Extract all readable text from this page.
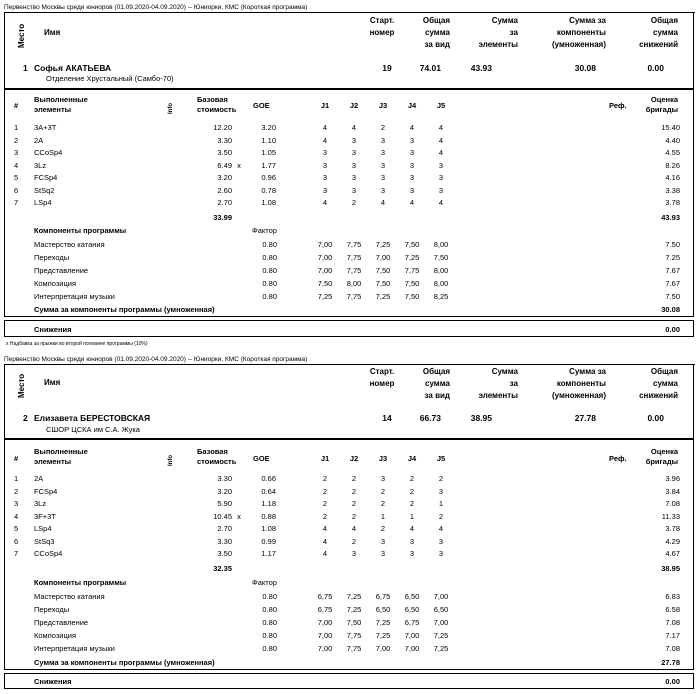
Первенство Москвы среди юниоров (01.09.2020-04.09.2020) -- Юниорки, КМС (Короткая программа)
Место Имя
Старт.
номер
Общая
сумма
за вид
Сумма
за
элементы
Сумма за
компоненты
(умноженная)
Общая
сумма
снижений
1 Софья АКАТЬЕВА
Отделение Хрустальный (Самбо-70)
19	74.01	43.93	30.08	0.00
#
Выполненные
элементы	Info
Базовая
стоимость GOE	J1	J2	J3	J4	J5	Реф.
Оценка
бригады
1	3A+3T	12.20	3.20	4	4	2	4	4	15.40
2	2A	3.30	1.10	4	3	3	3	4	4.40
3	CCoSp4	3.50	1.05	3	3	3	3	4	4.55
4	3Lz	6.49 x	1.77	3	3	3	3	3	8.26
5	FCSp4	3.20	0.96	3	3	3	3	3	4.16
6	StSq2	2.60	0.78	3	3	3	3	3	3.38
7	LSp4	2.70	1.08	4	2	4	4	4	3.78
33.99	43.93
Компоненты программы	Фактор
Мастерство катания	0.80	7,00	7,75	7,25	7,50	8,00	7.50
Переходы	0.80	7,00	7,75	7,00	7,25	7,50	7.25
Представление	0.80	7,00	7,75	7,50	7,75	8,00	7.67
Композиция	0.80	7,50	8,00	7,50	7,50	8,00	7.67
Интерпретация музыки	0.80	7,25	7,75	7,25	7,50	8,25	7.50
Сумма за компоненты программы (умноженная)	30.08
Снижения	0.00
x Надбавка за прыжки во второй половине программы (10%)
Первенство Москвы среди юниоров (01.09.2020-04.09.2020) -- Юниорки, КМС (Короткая программа)
Место Имя
Старт.
номер
Общая
сумма
за вид
Сумма
за
элементы
Сумма за
компоненты
(умноженная)
Общая
сумма
снижений
2 Елизавета БЕРЕСТОВСКАЯ
СШОР ЦСКА им С.А. Жука
14	66.73	38.95	27.78	0.00
#
Выполненные
элементы	Info
Базовая
стоимость GOE	J1	J2	J3	J4	J5	Реф.
Оценка
бригады
1	2A	3.30	0.66	2	2	3	2	2	3.96
2	FCSp4	3.20	0.64	2	2	2	2	3	3.84
3	3Lz	5.90	1.18	2	2	2	2	1	7.08
4	3F+3T	10.45 x	0.88	2	2	1	1	2	11.33
5	LSp4	2.70	1.08	4	4	2	4	4	3.78
6	StSq3	3.30	0.99	4	2	3	3	3	4.29
7	CCoSp4	3.50	1.17	4	3	3	3	3	4.67
32.35	38.95
Компоненты программы	Фактор
Мастерство катания	0.80	6,75	7,25	6,75	6,50	7,00	6.83
Переходы	0.80	6,75	7,25	6,50	6,50	6,50	6.58
Представление	0.80	7,00	7,50	7,25	6,75	7,00	7.08
Композиция	0.80	7,00	7,75	7,25	7,00	7,25	7.17
Интерпретация музыки	0.80	7,00	7,75	7,00	7,00	7,25	7.08
Сумма за компоненты программы (умноженная)	27.78
Снижения	0.00
